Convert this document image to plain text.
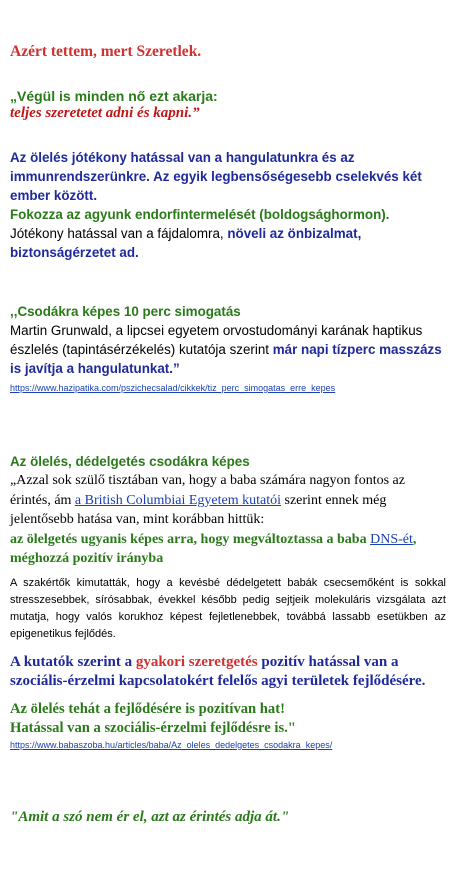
Azért tettem, mert Szeretlek.
„Végül is minden nő ezt akarja:
teljes szeretetet adni és kapni.”
Az ölelés jótékony hatással van a hangulatunkra és az immunrendszerünkre. Az egyik legbensőségesebb cselekvés két ember között.
Fokozza az agyunk endorfintermelését (boldogsághormon).
Jótékony hatással van a fájdalomra, növeli az önbizalmat, biztonságérzetet ad.
,,Csodákra képes 10 perc simogatás
Martin Grunwald, a lipcsei egyetem orvostudományi karának haptikus észlelés (tapintásérzékelés) kutatója szerint már napi tízperc masszázs is javítja a hangulatunkat.”
https://www.hazipatika.com/pszichecsalad/cikkek/tiz_perc_simogatas_erre_kepes
Az ölelés, dédelgetés csodákra képes
„Azzal sok szülő tisztában van, hogy a baba számára nagyon fontos az érintés, ám a British Columbiai Egyetem kutatói szerint ennek még jelentősebb hatása van, mint korábban hittük:
az ölelgetés ugyanis képes arra, hogy megváltoztassa a baba DNS-ét, méghozzá pozitív irányba
A szakértők kimutatták, hogy a kevésbé dédelgetett babák csecsemőként is sokkal stresszesebbek, sírósabbak, évekkel később pedig sejtjeik molekuláris vizsgálata azt mutatja, hogy valós korukhoz képest fejletlenebbek, továbbá lassabb esetükben az epigenetikus fejlődés.
A kutatók szerint a gyakori szeretgetés pozitív hatással van a szociális-érzelmi kapcsolatokért felelős agyi területek fejlődésére.
Az ölelés tehát a fejlődésére is pozitívan hat!
Hatással van a szociális-érzelmi fejlődésre is."
https://www.babaszoba.hu/articles/baba/Az_oleles_dedelgetes_csodakra_kepes/
"Amit a szó nem ér el, azt az érintés adja át."
